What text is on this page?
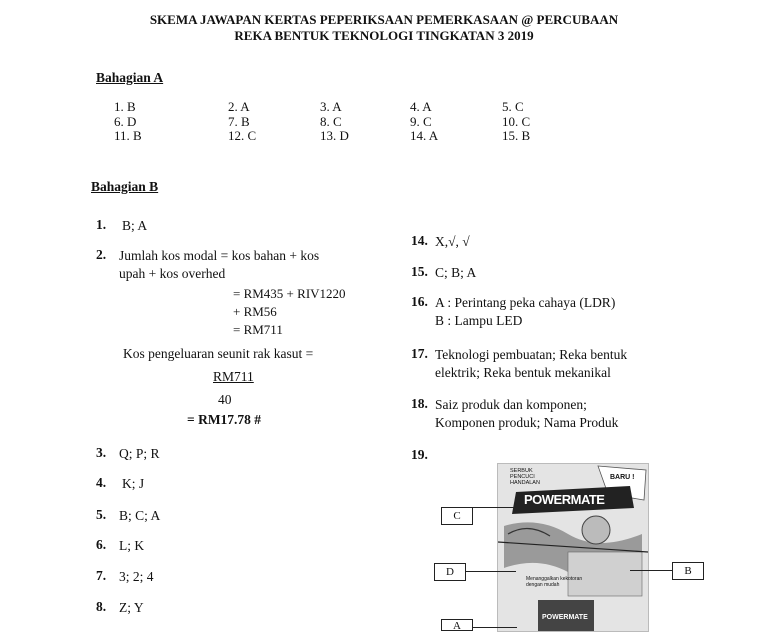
SKEMA JAWAPAN KERTAS PEPERIKSAAN PEMERKASAAN @ PERCUBAAN
REKA BENTUK TEKNOLOGI TINGKATAN 3 2019
Bahagian A
1. B	2. A	3. A	4. A	5. C
6. D	7. B	8. C	9. C	10. C
11. B	12. C	13. D	14. A	15. B
Bahagian B
1. B; A
2. Jumlah kos modal = kos bahan + kos
upah + kos overhed
= RM435 + RIV1220
+ RM56
= RM711
Kos pengeluaran seunit rak kasut =
RM711
40
= RM17.78 #
3. Q; P; R
4. K; J
5. B; C; A
6. L; K
7. 3; 2; 4
8. Z; Y
14. X,√, √
15. C; B; A
16. A : Perintang peka cahaya (LDR)
B : Lampu LED
17. Teknologi pembuatan; Reka bentuk
elektrik; Reka bentuk mekanikal
18. Saiz produk dan komponen;
Komponen produk; Nama Produk
19.
SERBUK
PENCUCI
HANDALAN
BARU !
POWERMATE
Menanggalkan kekotoran
dengan mudah
POWERMATE
C
D	B
A
